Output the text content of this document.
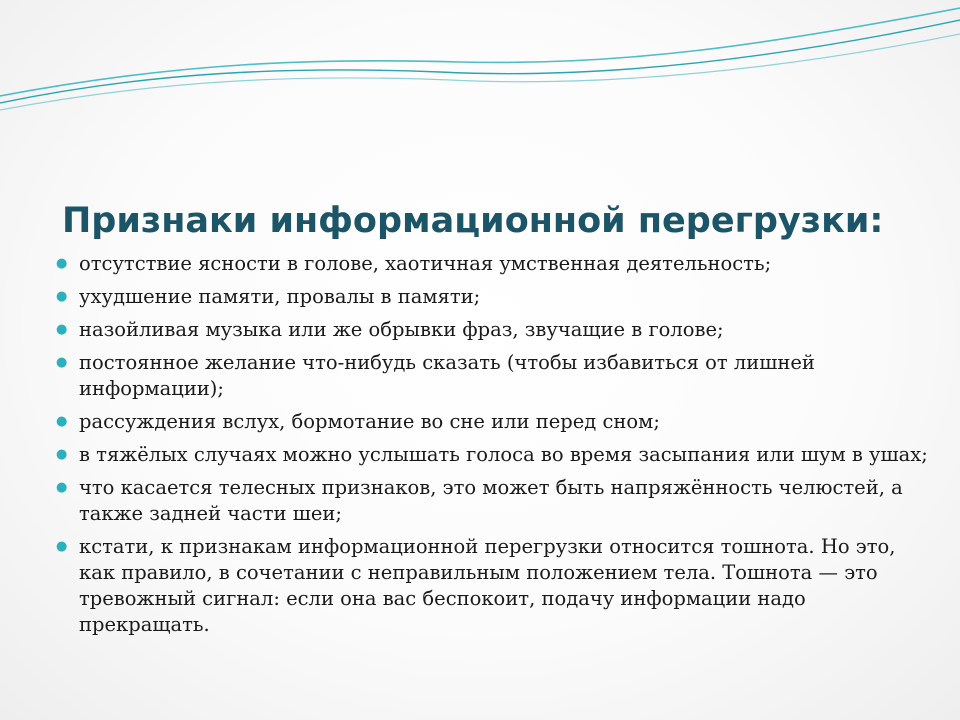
Признаки информационной перегрузки:
● отсутствие ясности в голове, хаотичная умственная деятельность;
● ухудшение памяти, провалы в памяти;
● назойливая музыка или же обрывки фраз, звучащие в голове;
● постоянное желание что-нибудь сказать (чтобы избавиться от лишней информации);
● рассуждения вслух, бормотание во сне или перед сном;
● в тяжёлых случаях можно услышать голоса во время засыпания или шум в ушах;
● что касается телесных признаков, это может быть напряжённость челюстей, а также задней части шеи;
● кстати, к признакам информационной перегрузки относится тошнота. Но это, как правило, в сочетании с неправильным положением тела. Тошнота — это тревожный сигнал: если она вас беспокоит, подачу информации надо прекращать.
